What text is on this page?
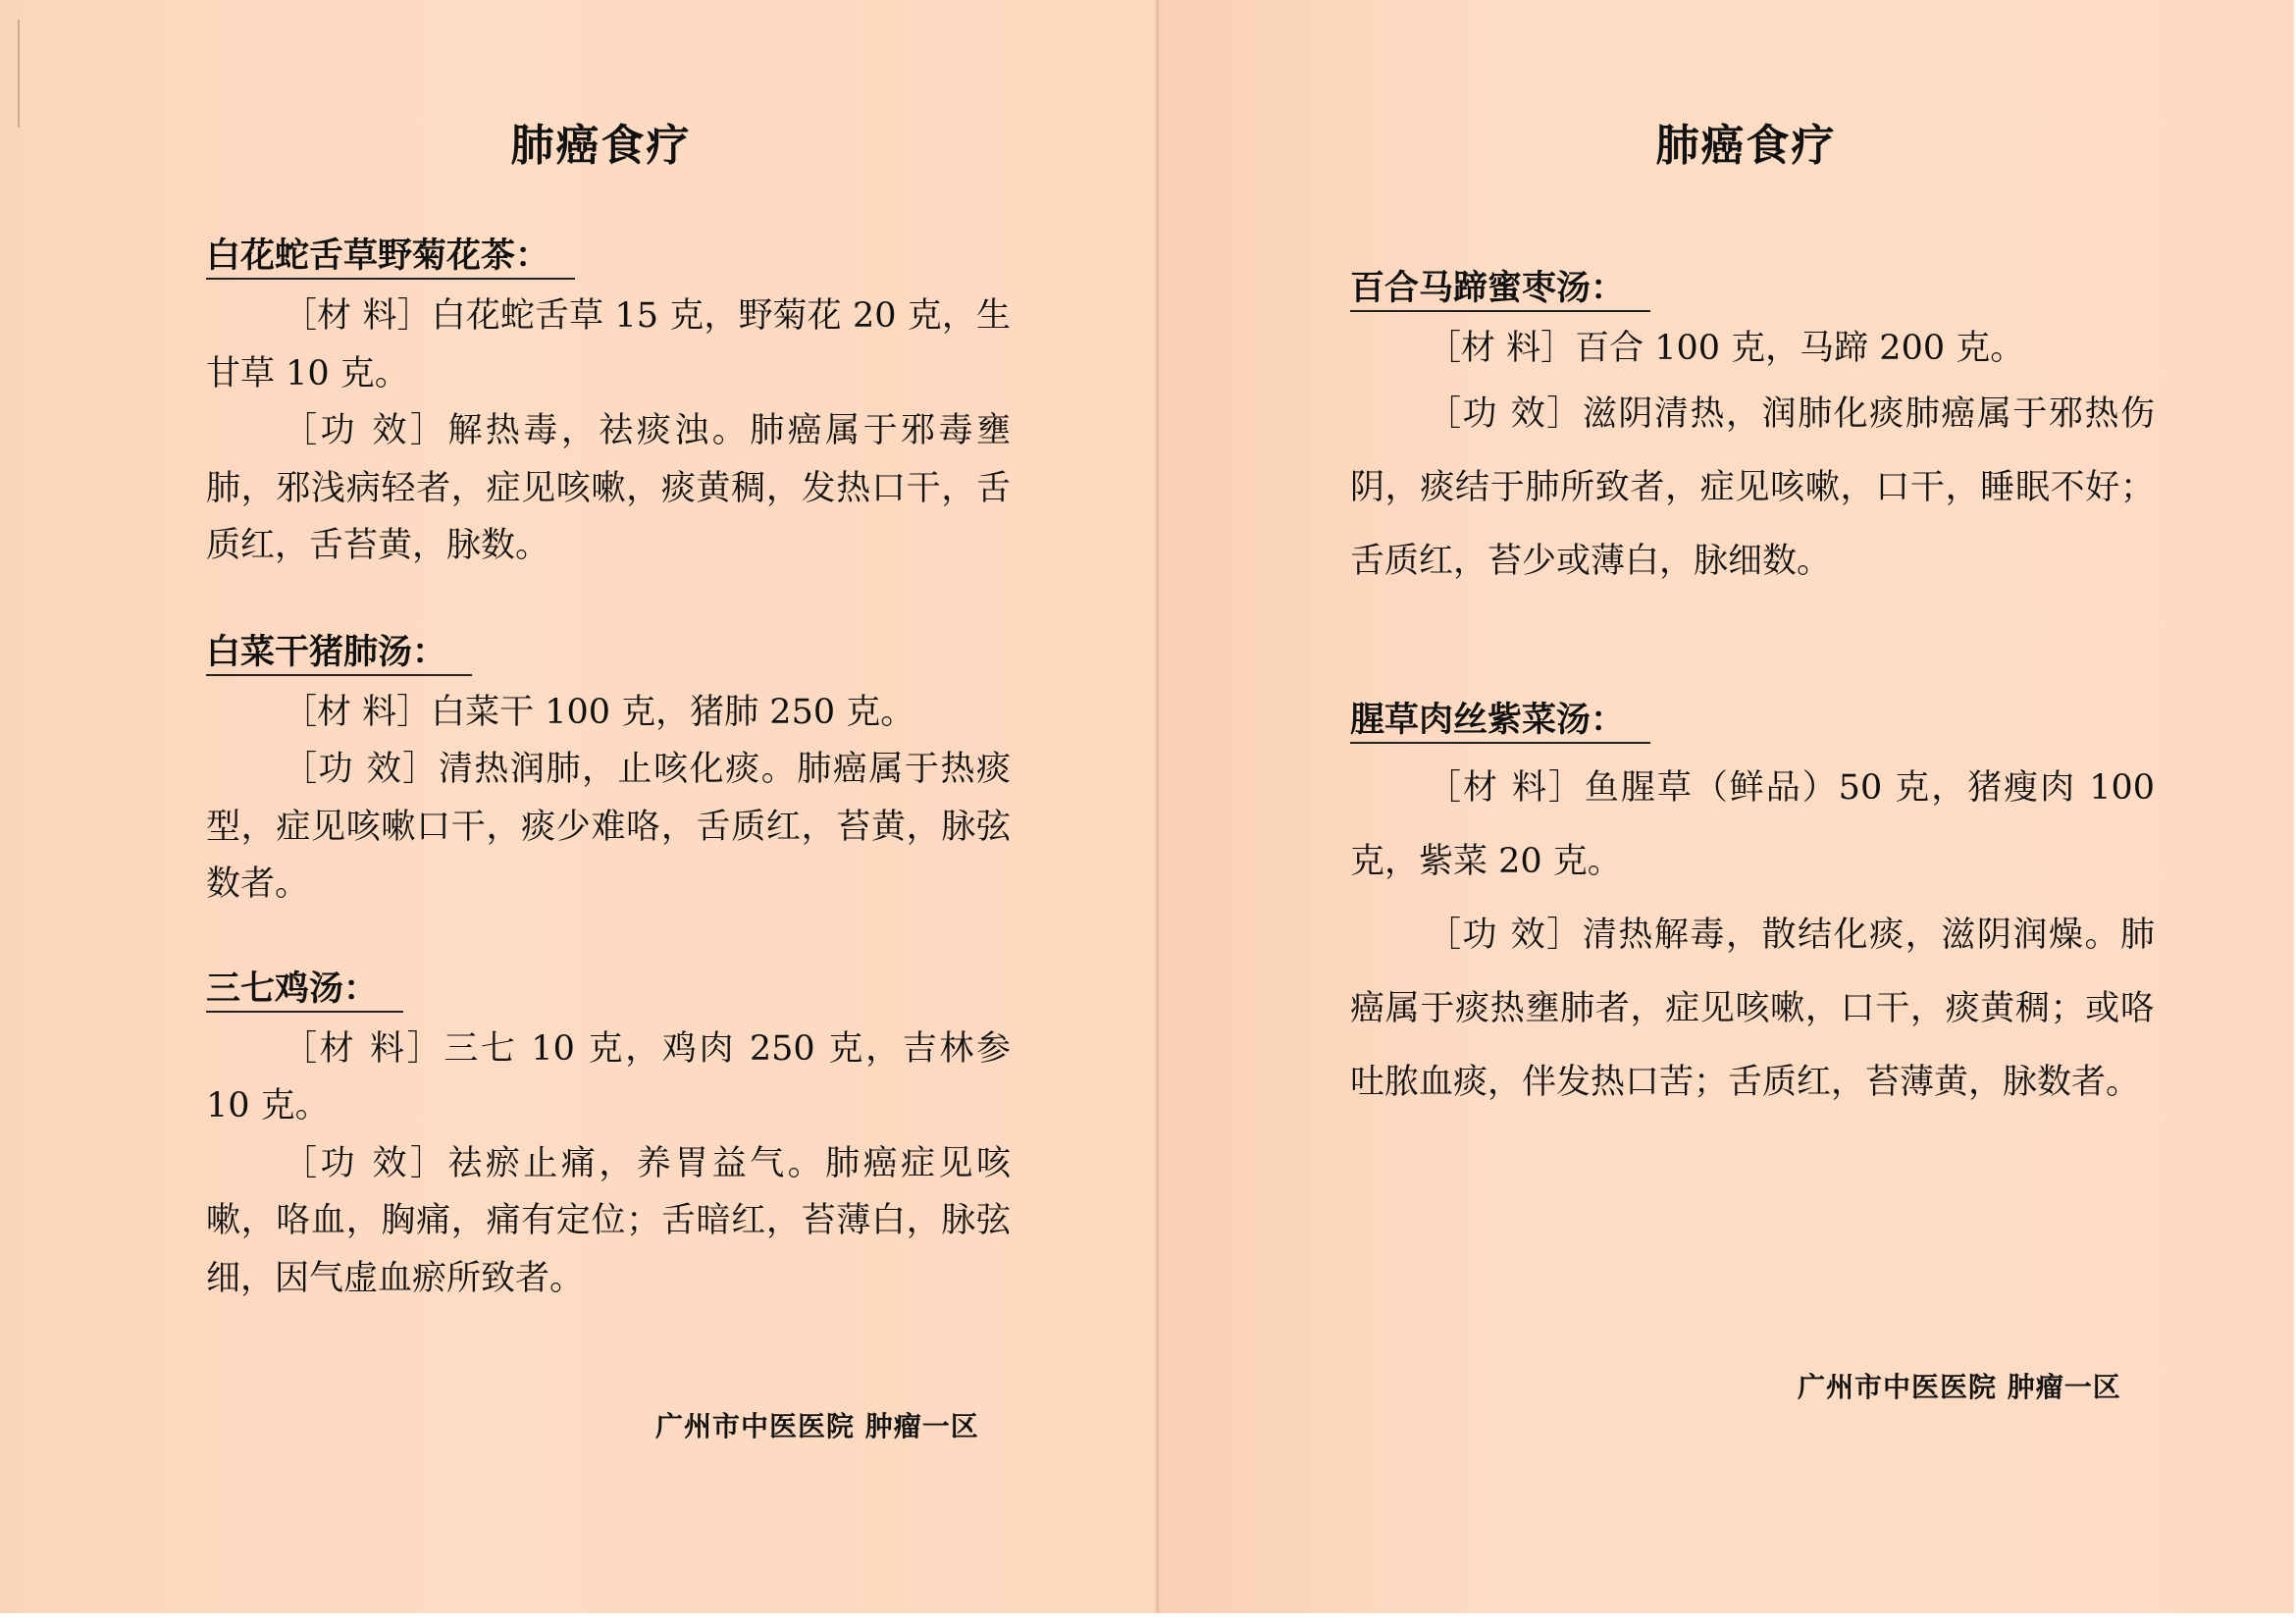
肺癌食疗
白花蛇舌草野菊花茶：

［材 料］白花蛇舌草 15 克，野菊花 20 克，生甘草 10 克。

［功 效］解热毒，祛痰浊。肺癌属于邪毒壅肺，邪浅病轻者，症见咳嗽，痰黄稠，发热口干，舌质红，舌苔黄，脉数。

白菜干猪肺汤：

［材 料］白菜干 100 克，猪肺 250 克。

［功 效］清热润肺，止咳化痰。肺癌属于热痰型，症见咳嗽口干，痰少难咯，舌质红，苔黄，脉弦数者。

三七鸡汤：

［材 料］三七 10 克，鸡肉 250 克，吉林参 10 克。

［功 效］祛瘀止痛，养胃益气。肺癌症见咳嗽，咯血，胸痛，痛有定位；舌暗红，苔薄白，脉弦细，因气虚血瘀所致者。

广州市中医医院 肿瘤一区
肺癌食疗
百合马蹄蜜枣汤：

［材 料］百合 100 克，马蹄 200 克。

［功 效］滋阴清热，润肺化痰肺癌属于邪热伤阴，痰结于肺所致者，症见咳嗽，口干，睡眠不好；舌质红，苔少或薄白，脉细数。

腥草肉丝紫菜汤：

［材 料］鱼腥草（鲜品）50 克，猪瘦肉 100 克，紫菜 20 克。

［功 效］清热解毒，散结化痰，滋阴润燥。肺癌属于痰热壅肺者，症见咳嗽，口干，痰黄稠；或咯吐脓血痰，伴发热口苦；舌质红，苔薄黄，脉数者。

广州市中医医院 肿瘤一区
